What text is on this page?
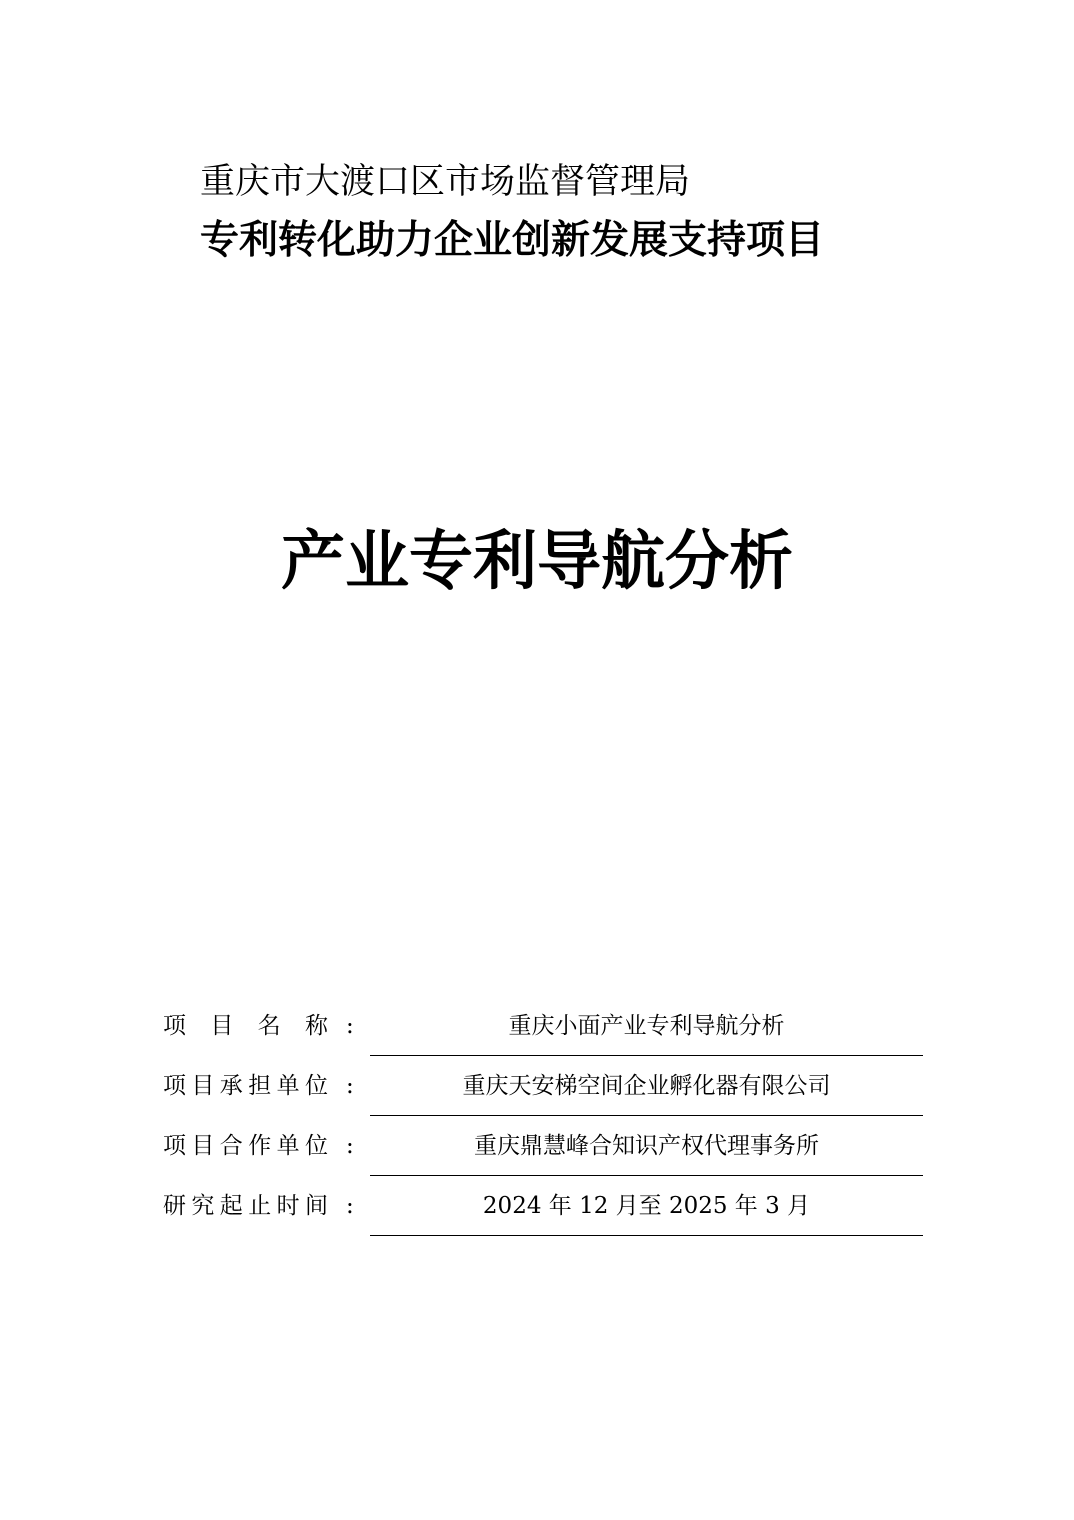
重庆市大渡口区市场监督管理局
专利转化助力企业创新发展支持项目
产业专利导航分析
项目名称 :	重庆小面产业专利导航分析
项目承担单位 :	重庆天安梯空间企业孵化器有限公司
项目合作单位 :	重庆鼎慧峰合知识产权代理事务所
研究起止时间 :	2024 年 12 月至 2025 年 3 月
